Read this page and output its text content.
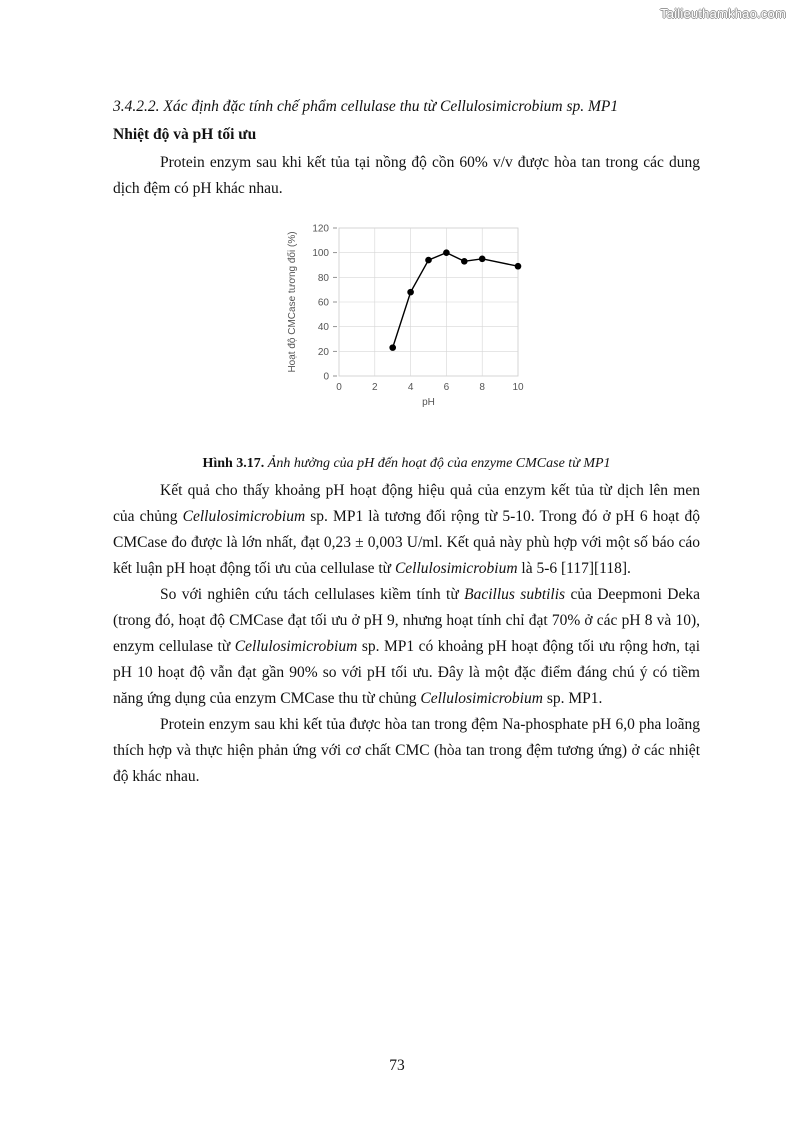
Tailieuthamkhao.com
3.4.2.2. Xác định đặc tính chế phẩm cellulase thu từ Cellulosimicrobium sp. MP1
Nhiệt độ và pH tối ưu

Protein enzym sau khi kết tủa tại nồng độ cồn 60% v/v được hòa tan trong các dung dịch đệm có pH khác nhau.

0	2	4	6	8	10
0
20
40
60
80
100
120
pH
Hoạt độ CMCase tương đối (%)
Hình 3.17. Ảnh hưởng của pH đến hoạt độ của enzyme CMCase từ MP1

Kết quả cho thấy khoảng pH hoạt động hiệu quả của enzym kết tủa từ dịch lên men của chủng Cellulosimicrobium sp. MP1 là tương đối rộng từ 5-10. Trong đó ở pH 6 hoạt độ CMCase đo được là lớn nhất, đạt 0,23 ± 0,003 U/ml. Kết quả này phù hợp với một số báo cáo kết luận pH hoạt động tối ưu của cellulase từ Cellulosimicrobium là 5-6 [117][118].

So với nghiên cứu tách cellulases kiềm tính từ Bacillus subtilis của Deepmoni Deka (trong đó, hoạt độ CMCase đạt tối ưu ở pH 9, nhưng hoạt tính chỉ đạt 70% ở các pH 8 và 10), enzym cellulase từ Cellulosimicrobium sp. MP1 có khoảng pH hoạt động tối ưu rộng hơn, tại pH 10 hoạt độ vẫn đạt gần 90% so với pH tối ưu. Đây là một đặc điểm đáng chú ý có tiềm năng ứng dụng của enzym CMCase thu từ chủng Cellulosimicrobium sp. MP1.

Protein enzym sau khi kết tủa được hòa tan trong đệm Na-phosphate pH 6,0 pha loãng thích hợp và thực hiện phản ứng với cơ chất CMC (hòa tan trong đệm tương ứng) ở các nhiệt độ khác nhau.

73
